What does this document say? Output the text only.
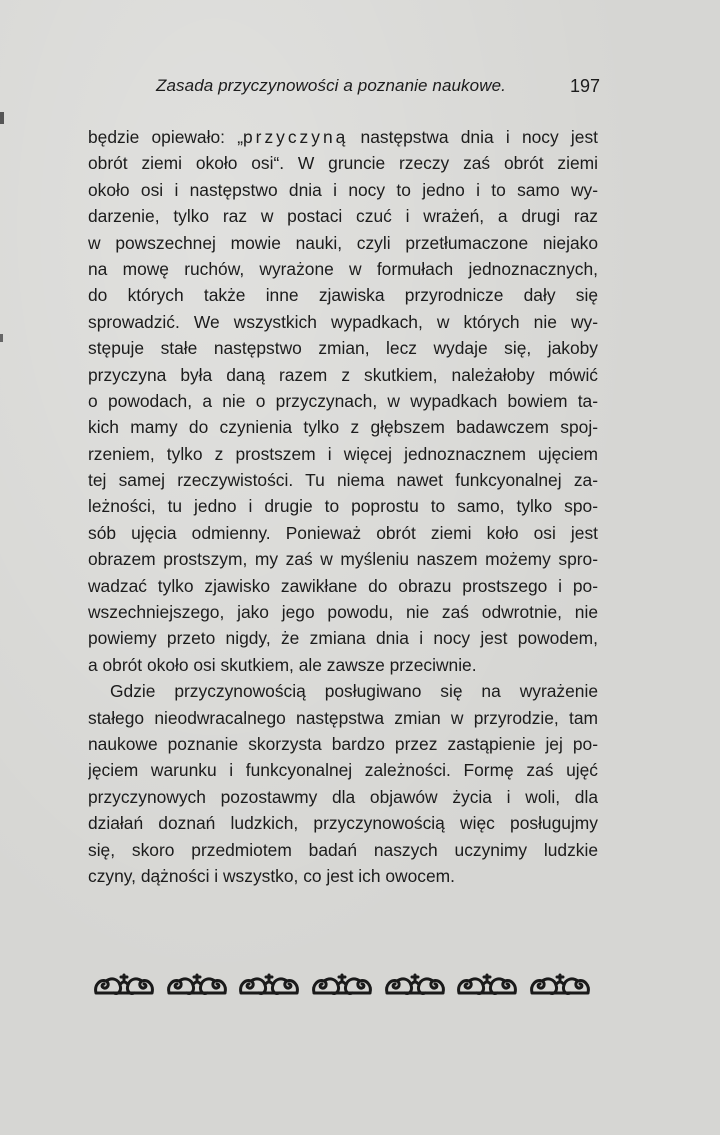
Zasada przyczynowości a poznanie naukowe.	197
będzie opiewało: „przyczyną następstwa dnia i nocy jest
obrót ziemi około osi“. W gruncie rzeczy zaś obrót ziemi
około osi i następstwo dnia i nocy to jedno i to samo wy-
darzenie, tylko raz w postaci czuć i wrażeń, a drugi raz
w powszechnej mowie nauki, czyli przetłumaczone niejako
na mowę ruchów, wyrażone w formułach jednoznacznych,
do których także inne zjawiska przyrodnicze dały się
sprowadzić. We wszystkich wypadkach, w których nie wy-
stępuje stałe następstwo zmian, lecz wydaje się, jakoby
przyczyna była daną razem z skutkiem, należałoby mówić
o powodach, a nie o przyczynach, w wypadkach bowiem ta-
kich mamy do czynienia tylko z głębszem badawczem spoj-
rzeniem, tylko z prostszem i więcej jednoznacznem ujęciem
tej samej rzeczywistości. Tu niema nawet funkcyonalnej za-
leżności, tu jedno i drugie to poprostu to samo, tylko spo-
sób ujęcia odmienny. Ponieważ obrót ziemi koło osi jest
obrazem prostszym, my zaś w myśleniu naszem możemy spro-
wadzać tylko zjawisko zawikłane do obrazu prostszego i po-
wszechniejszego, jako jego powodu, nie zaś odwrotnie, nie
powiemy przeto nigdy, że zmiana dnia i nocy jest powodem,
a obrót około osi skutkiem, ale zawsze przeciwnie.
Gdzie przyczynowością posługiwano się na wyrażenie
stałego nieodwracalnego następstwa zmian w przyrodzie, tam
naukowe poznanie skorzysta bardzo przez zastąpienie jej po-
jęciem warunku i funkcyonalnej zależności. Formę zaś ujęć
przyczynowych pozostawmy dla objawów życia i woli, dla
działań doznań ludzkich, przyczynowością więc posługujmy
się, skoro przedmiotem badań naszych uczynimy ludzkie
czyny, dążności i wszystko, co jest ich owocem.
